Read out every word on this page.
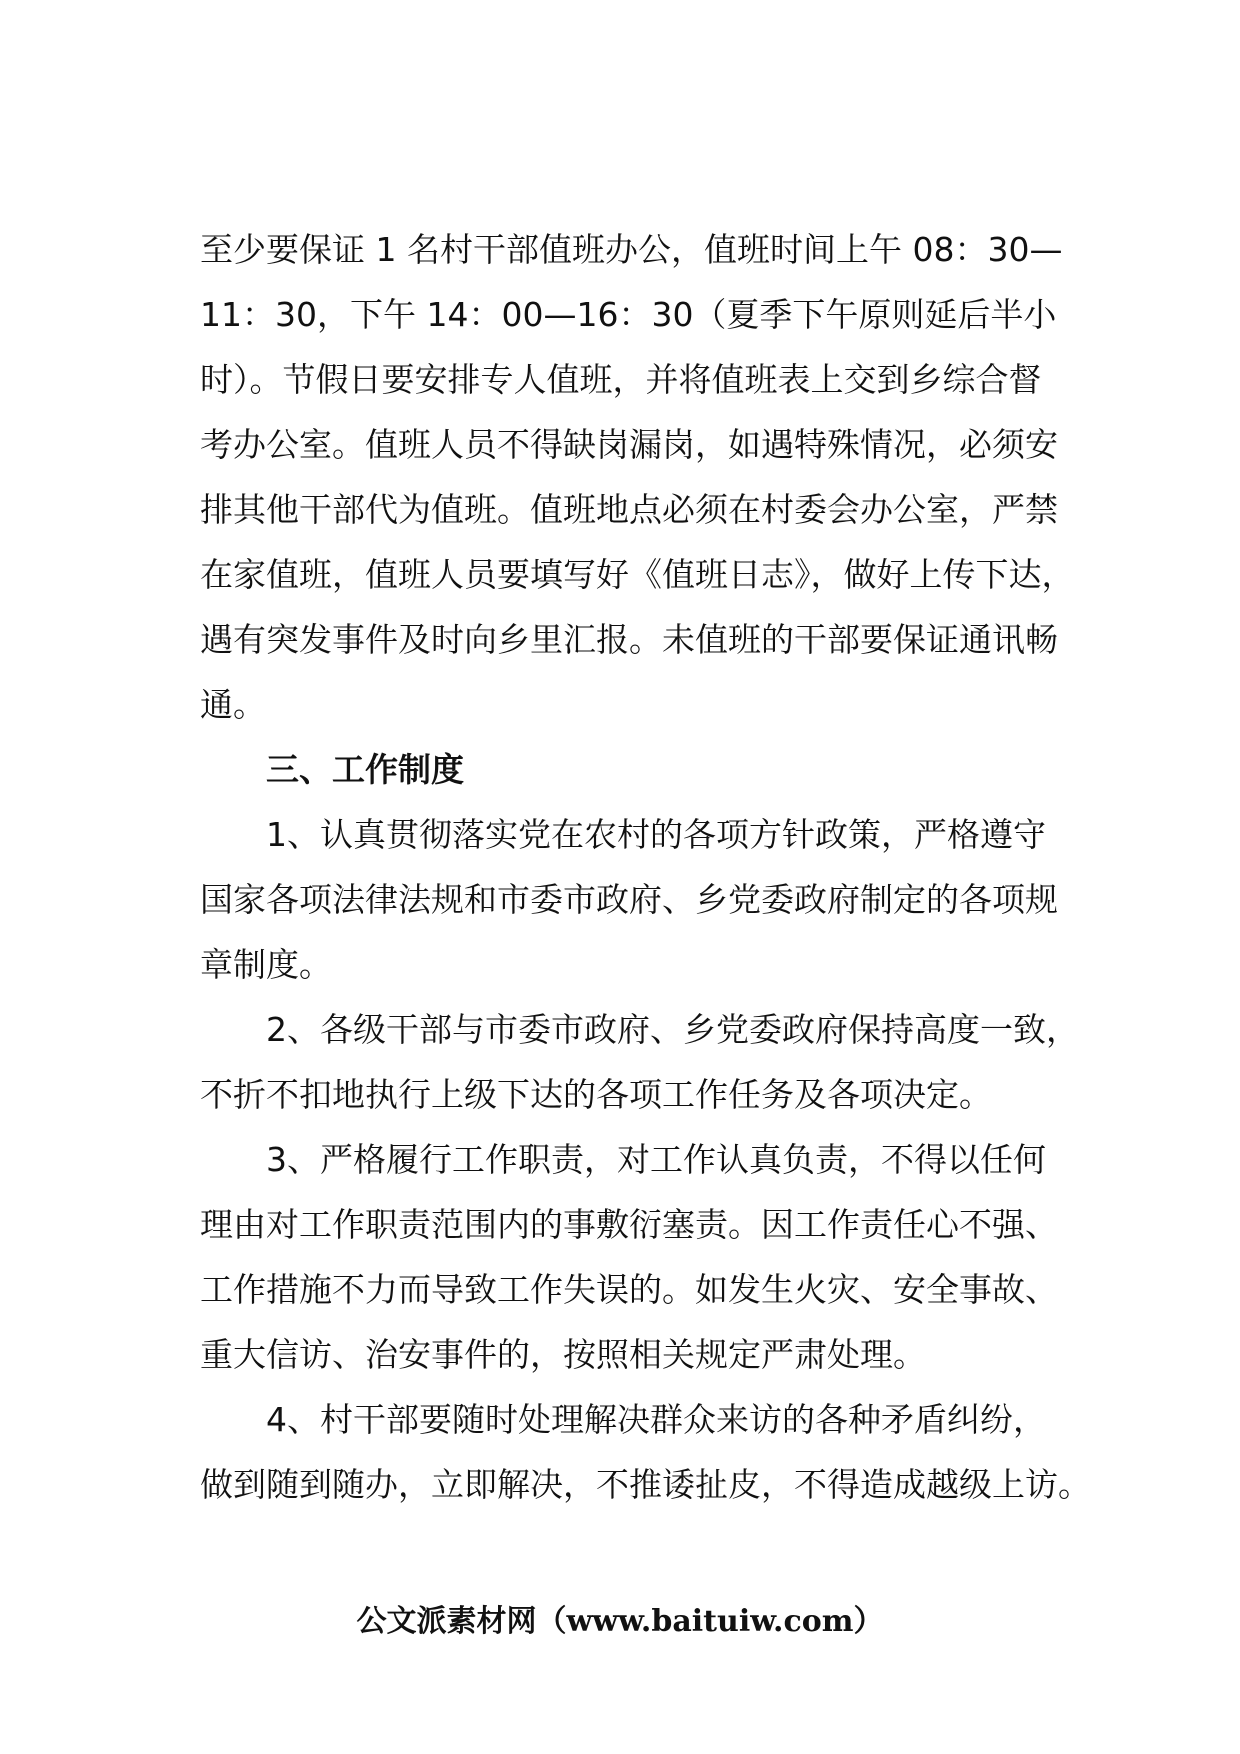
至少要保证 1 名村干部值班办公，值班时间上午 08：30—
11：30，下午 14：00—16：30（夏季下午原则延后半小
时）。节假日要安排专人值班，并将值班表上交到乡综合督
考办公室。值班人员不得缺岗漏岗，如遇特殊情况，必须安
排其他干部代为值班。值班地点必须在村委会办公室，严禁
在家值班，值班人员要填写好《值班日志》，做好上传下达，
遇有突发事件及时向乡里汇报。未值班的干部要保证通讯畅
通。
三、工作制度
1、认真贯彻落实党在农村的各项方针政策，严格遵守
国家各项法律法规和市委市政府、乡党委政府制定的各项规
章制度。
2、各级干部与市委市政府、乡党委政府保持高度一致，
不折不扣地执行上级下达的各项工作任务及各项决定。
3、严格履行工作职责，对工作认真负责，不得以任何
理由对工作职责范围内的事敷衍塞责。因工作责任心不强、
工作措施不力而导致工作失误的。如发生火灾、安全事故、
重大信访、治安事件的，按照相关规定严肃处理。
4、村干部要随时处理解决群众来访的各种矛盾纠纷，
做到随到随办，立即解决，不推诿扯皮，不得造成越级上访。
公文派素材网（www.baituiw.com）
